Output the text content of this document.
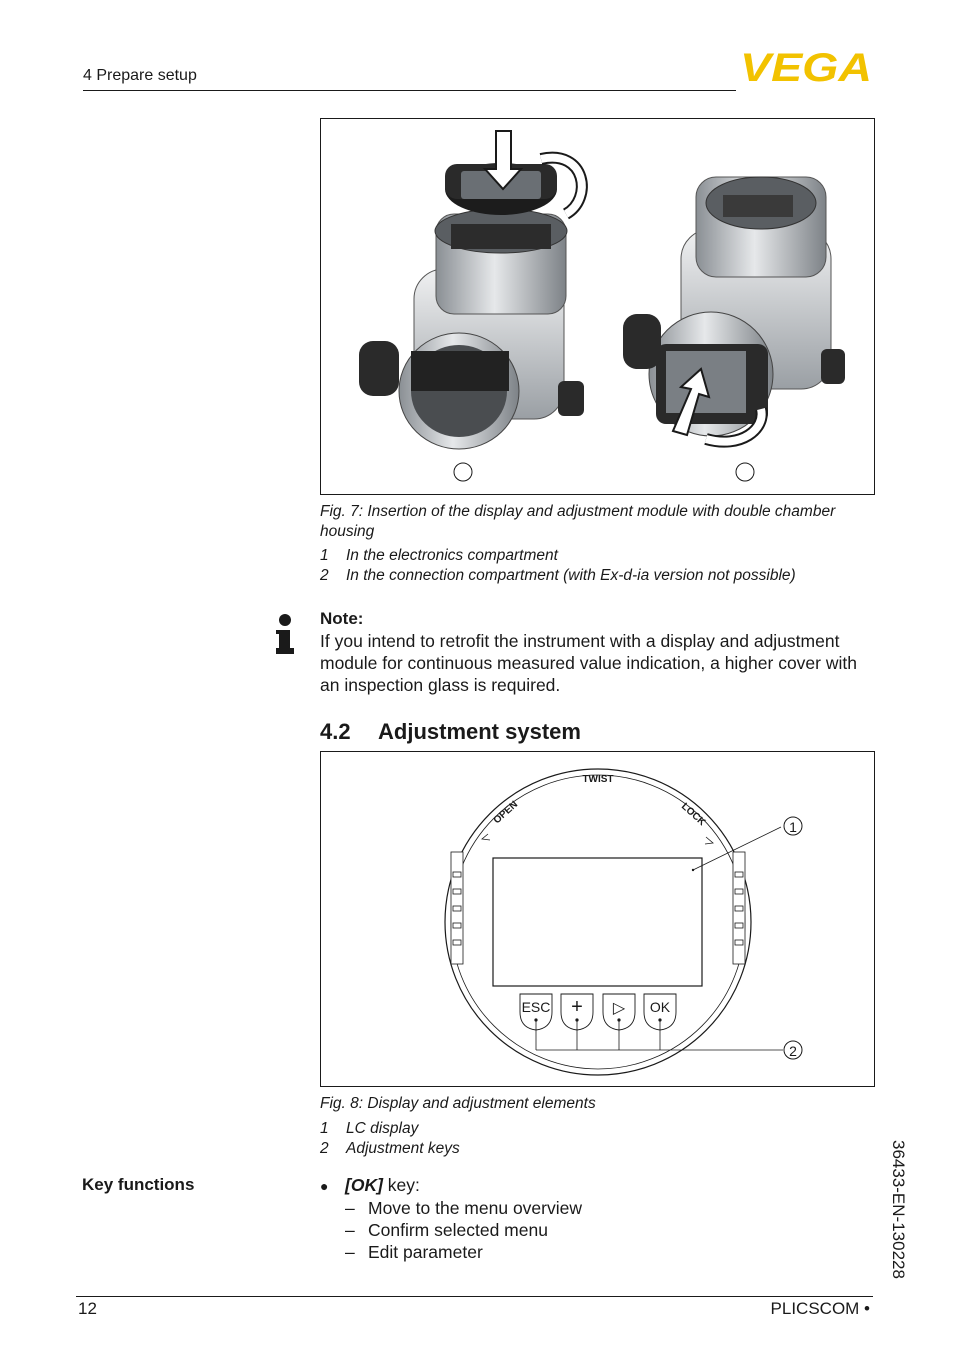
4 Prepare setup	VEGA
Fig. 7: Insertion of the display and adjustment module with double chamber
housing
1 In the electronics compartment
2 In the connection compartment (with Ex-d-ia version not possible)
Note:
If you intend to retrofit the instrument with a display and adjustment
module for continuous measured value indication, a higher cover with
an inspection glass is required.
4.2 Adjustment system
TWIST
OPEN	LOCK	1
ESC + ▷ OK
2
Fig. 8: Display and adjustment elements
1 LC display
2 Adjustment keys
Key functions	● [OK] key:
– Move to the menu overview
– Confirm selected menu
– Edit parameter	36433-EN-130228
12	PLICSCOM •
